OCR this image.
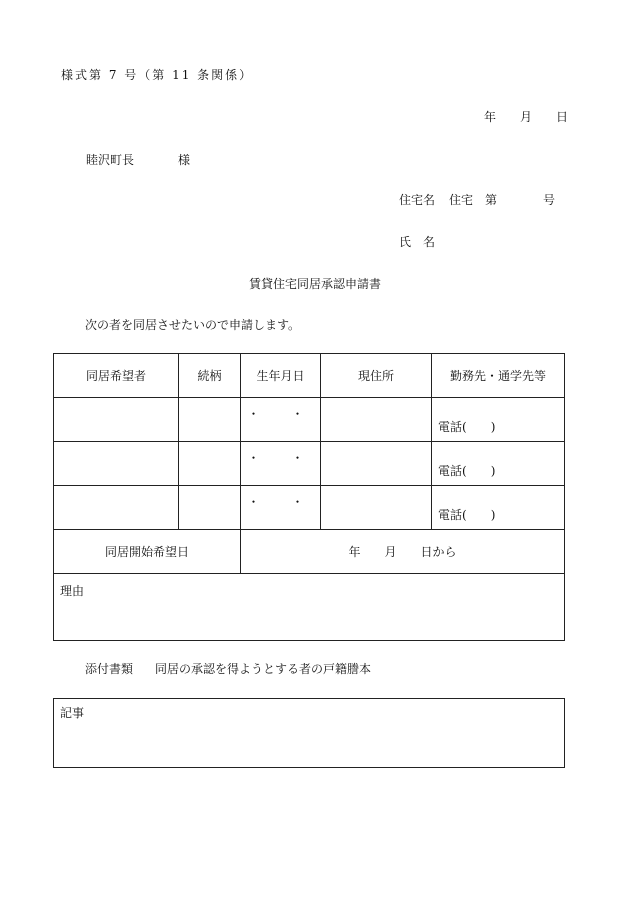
様式第 7 号（第 11 条関係）
年 月 日
睦沢町長	様
住宅名 住宅 第	号
氏　名
賃貸住宅同居承認申請書
次の者を同居させたいので申請します。
同居希望者	続柄	生年月日	現住所	勤務先・通学先等
		・　・		電話( )

		・　・		電話( )

		・　・		電話( )

同居開始希望日		年　　月　　日から		

理由				
添付書類 同居の承認を得ようとする者の戸籍謄本
記事
